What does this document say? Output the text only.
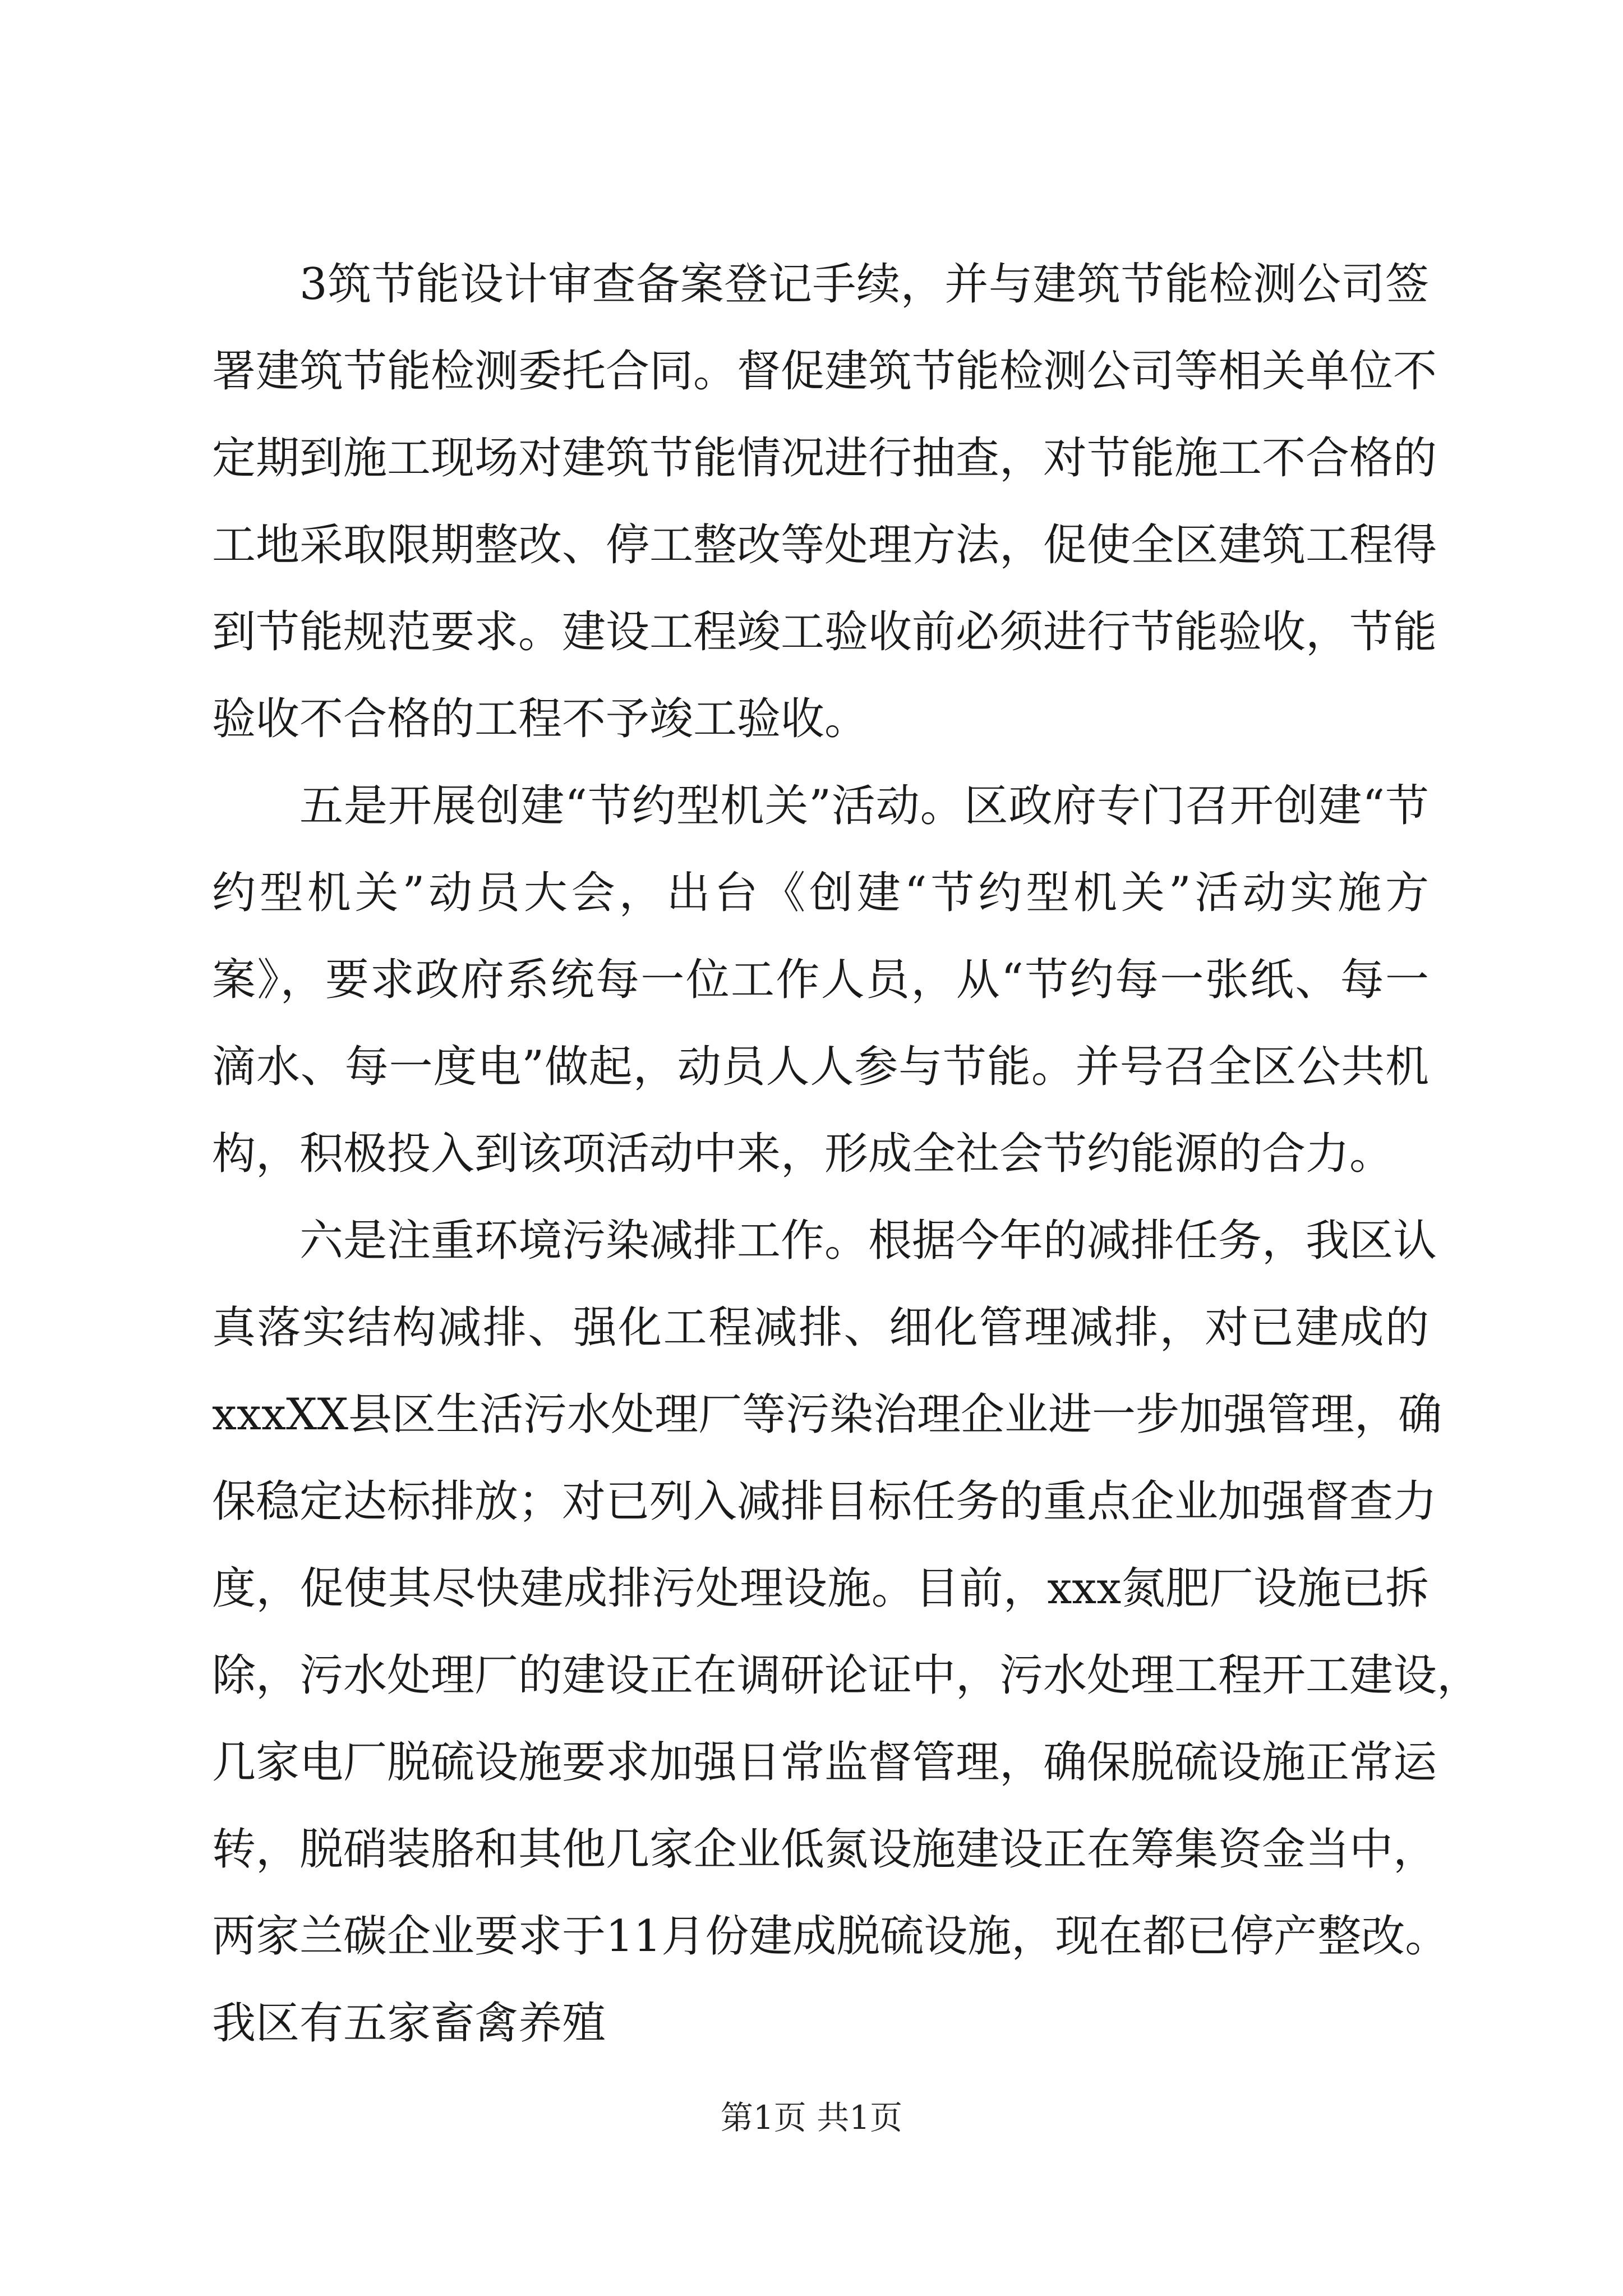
3筑节能设计审查备案登记手续，并与建筑节能检测公司签
署建筑节能检测委托合同。督促建筑节能检测公司等相关单位不
定期到施工现场对建筑节能情况进行抽查，对节能施工不合格的
工地采取限期整改、停工整改等处理方法，促使全区建筑工程得
到节能规范要求。建设工程竣工验收前必须进行节能验收，节能
验收不合格的工程不予竣工验收。
五是开展创建“节约型机关”活动。区政府专门召开创建“节
约型机关”动员大会，出台《创建“节约型机关”活动实施方
案》，要求政府系统每一位工作人员，从“节约每一张纸、每一
滴水、每一度电”做起，动员人人参与节能。并号召全区公共机
构，积极投入到该项活动中来，形成全社会节约能源的合力。
六是注重环境污染减排工作。根据今年的减排任务，我区认
真落实结构减排、强化工程减排、细化管理减排，对已建成的
xxxXX县区生活污水处理厂等污染治理企业进一步加强管理，确
保稳定达标排放；对已列入减排目标任务的重点企业加强督查力
度，促使其尽快建成排污处理设施。目前，xxx氮肥厂设施已拆
除，污水处理厂的建设正在调研论证中，污水处理工程开工建设，
几家电厂脱硫设施要求加强日常监督管理，确保脱硫设施正常运
转，脱硝装胳和其他几家企业低氮设施建设正在筹集资金当中，
两家兰碳企业要求于11月份建成脱硫设施，现在都已停产整改。
我区有五家畜禽养殖
第1页 共1页
